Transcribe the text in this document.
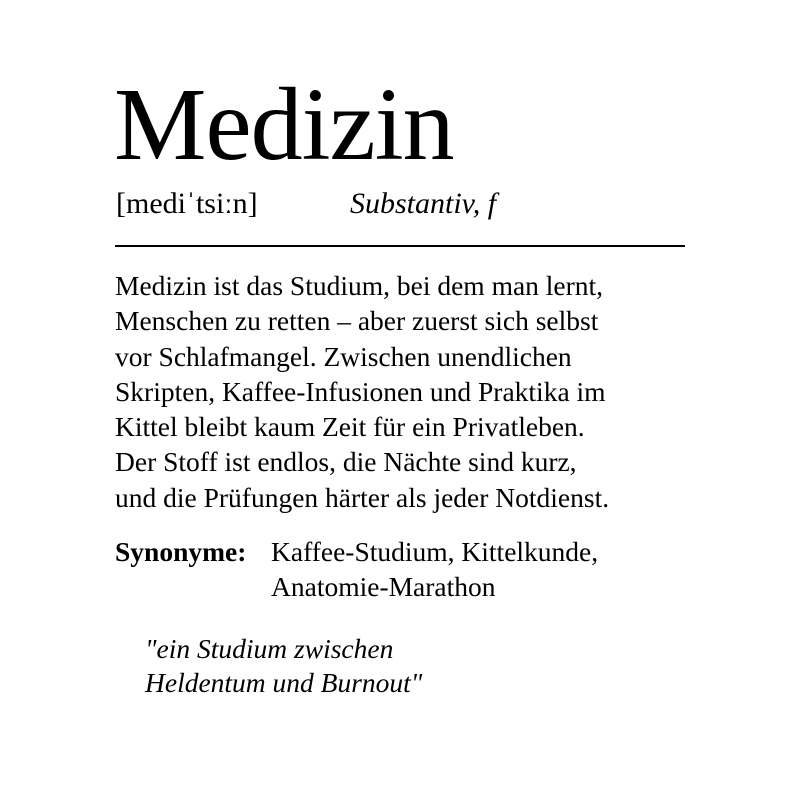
Medizin
[mediˈtsiːn]	Substantiv, f

Medizin ist das Studium, bei dem man lernt,
Menschen zu retten – aber zuerst sich selbst
vor Schlafmangel. Zwischen unendlichen
Skripten, Kaffee-Infusionen und Praktika im
Kittel bleibt kaum Zeit für ein Privatleben.
Der Stoff ist endlos, die Nächte sind kurz,
und die Prüfungen härter als jeder Notdienst.

Synonyme: Kaffee-Studium, Kittelkunde,
Anatomie-Marathon
"ein Studium zwischen
Heldentum und Burnout"
